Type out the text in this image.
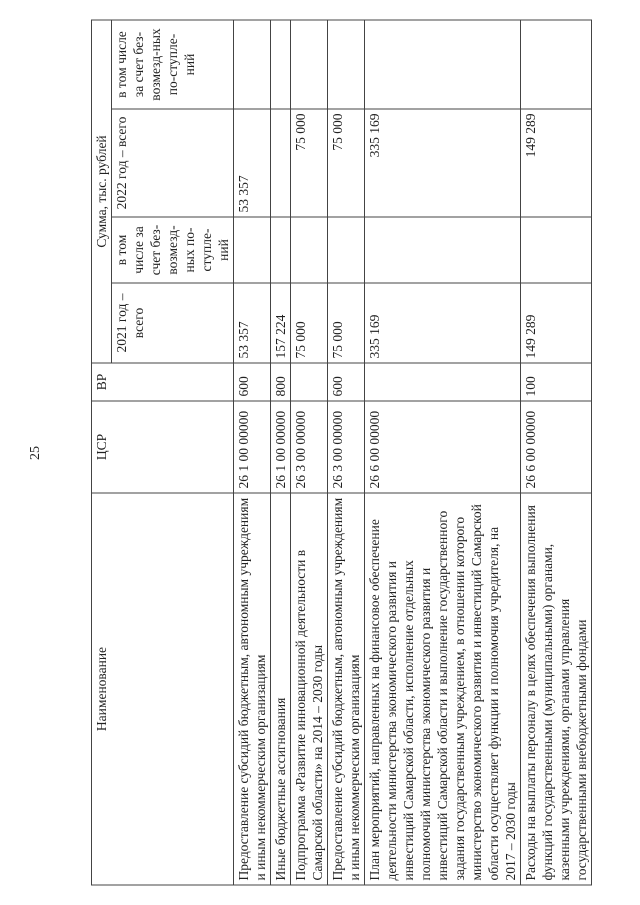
25
Наименование	ЦСР	ВР	Сумма, тыс. рублей			
			2021 год – всего	в том числе за счет без-возмезд-ных по-ступле-ний	2022 год – всего	в том числе за счет без-возмезд-ных по-ступле-ний
Предоставление субсидий бюджетным, автономным учреждениям и иным некоммерческим организациям	26 1 00 00000	600	53 357		53 357	
Иные бюджетные ассигнования	26 1 00 00000	800	157 224			
Подпрограмма «Развитие инновационной деятельности в Самарской области» на 2014 – 2030 годы	26 3 00 00000		75 000		75 000	
Предоставление субсидий бюджетным, автономным учреждениям и иным некоммерческим организациям	26 3 00 00000	600	75 000		75 000	
План мероприятий, направленных на финансовое обеспечение деятельности министерства экономического развития и инвестиций Самарской области, исполнение отдельных полномочий министерства экономического развития и инвестиций Самарской области и выполнение государственного задания государственным учреждением, в отношении которого министерство экономического развития и инвестиций Самарской области осуществляет функции и полномочия учредителя, на 2017 – 2030 годы	26 6 00 00000		335 169		335 169	
Расходы на выплаты персоналу в целях обеспечения выполнения функций государственными (муниципальными) органами, казенными учреждениями, органами управления государственными внебюджетными фондами	26 6 00 00000	100	149 289		149 289	
